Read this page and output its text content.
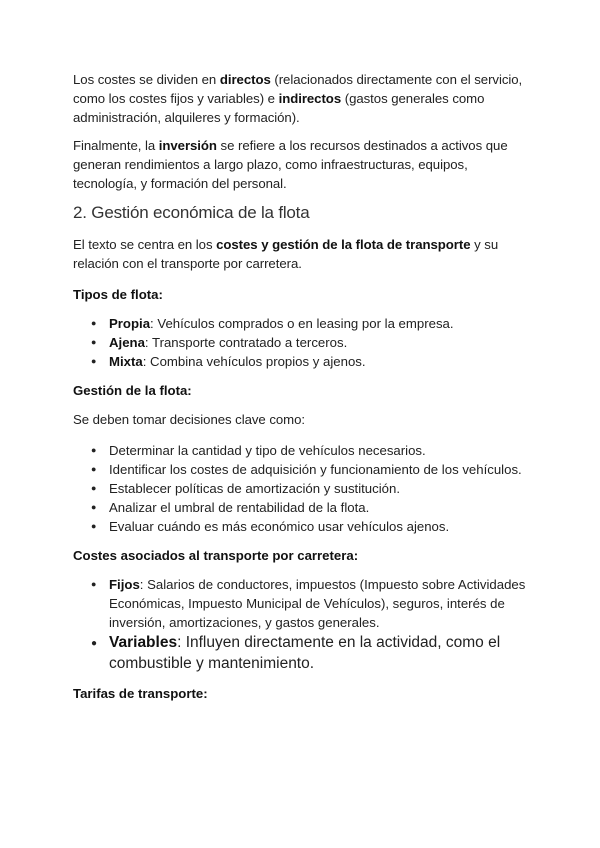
Los costes se dividen en directos (relacionados directamente con el servicio, como los costes fijos y variables) e indirectos (gastos generales como administración, alquileres y formación).

Finalmente, la inversión se refiere a los recursos destinados a activos que generan rendimientos a largo plazo, como infraestructuras, equipos, tecnología, y formación del personal.

2. Gestión económica de la flota

El texto se centra en los costes y gestión de la flota de transporte y su relación con el transporte por carretera.

Tipos de flota:
● Propia: Vehículos comprados o en leasing por la empresa.
● Ajena: Transporte contratado a terceros.
● Mixta: Combina vehículos propios y ajenos.
Gestión de la flota:

Se deben tomar decisiones clave como:

● Determinar la cantidad y tipo de vehículos necesarios.
● Identificar los costes de adquisición y funcionamiento de los vehículos.
● Establecer políticas de amortización y sustitución.
● Analizar el umbral de rentabilidad de la flota.
● Evaluar cuándo es más económico usar vehículos ajenos.
Costes asociados al transporte por carretera:
● Fijos: Salarios de conductores, impuestos (Impuesto sobre Actividades Económicas, Impuesto Municipal de Vehículos), seguros, interés de inversión, amortizaciones, y gastos generales.
● Variables: Influyen directamente en la actividad, como el combustible y mantenimiento.
Tarifas de transporte:
